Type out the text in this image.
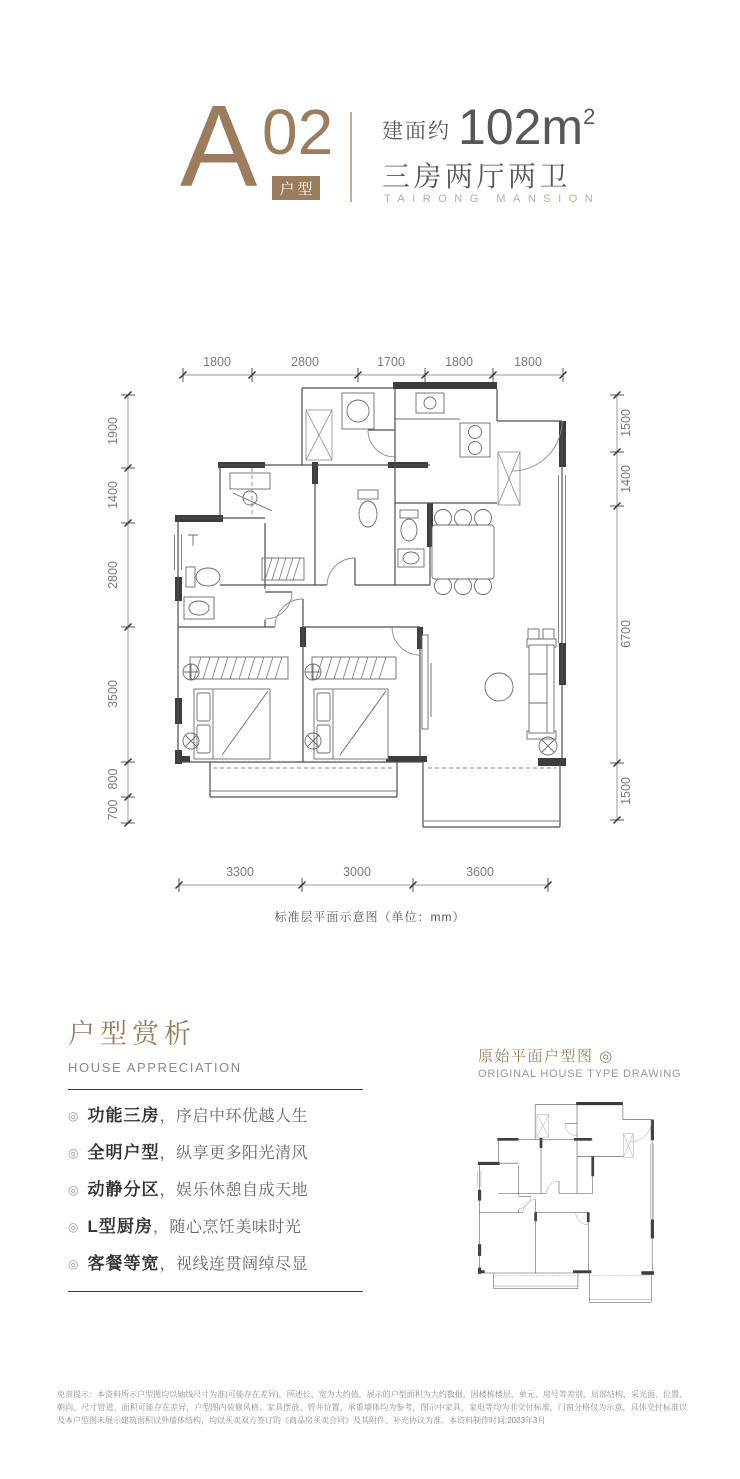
A 02
户型
建面约 102m 2
三房两厅两卫
TAIRONG MANSION
1800	2800	1700	1800	1800
1900
1400
2800
3500
800
700
1500
1400
6700
1500
3300	3000	3600
标准层平面示意图（单位：mm）
户型赏析
HOUSE APPRECIATION
◎ 功能三房 ，序启中环优越人生
◎ 全明户型 ，纵享更多阳光清风
◎ 动静分区 ，娱乐休憩自成天地
◎ L型厨房 ，随心烹饪美味时光
◎ 客餐等宽 ，视线连贯阔绰尽显
原始平面户型图 ◎
ORIGINAL HOUSE TYPE DRAWING
免责提示：本资料所示户型图均以轴线尺寸为准(可能存在差异)，所述长、宽为大约值，展示的户型面积为大约数据，因楼栋楼层、单元、房号等差别，局部结构、采光面、位置、朝向、尺寸管道、面积可能存在差异，户型图内装修风格、家具摆放、管井位置、承重墙体均为参考，图示中家具、家电等均为非交付标准，门窗分格仅为示意，具体交付标准以及本户型图未展示建筑面积以外墙体结构，均以买卖双方签订的《商品房买卖合同》及其附件、补充协议为准。本资料制作时间:2023年3月
